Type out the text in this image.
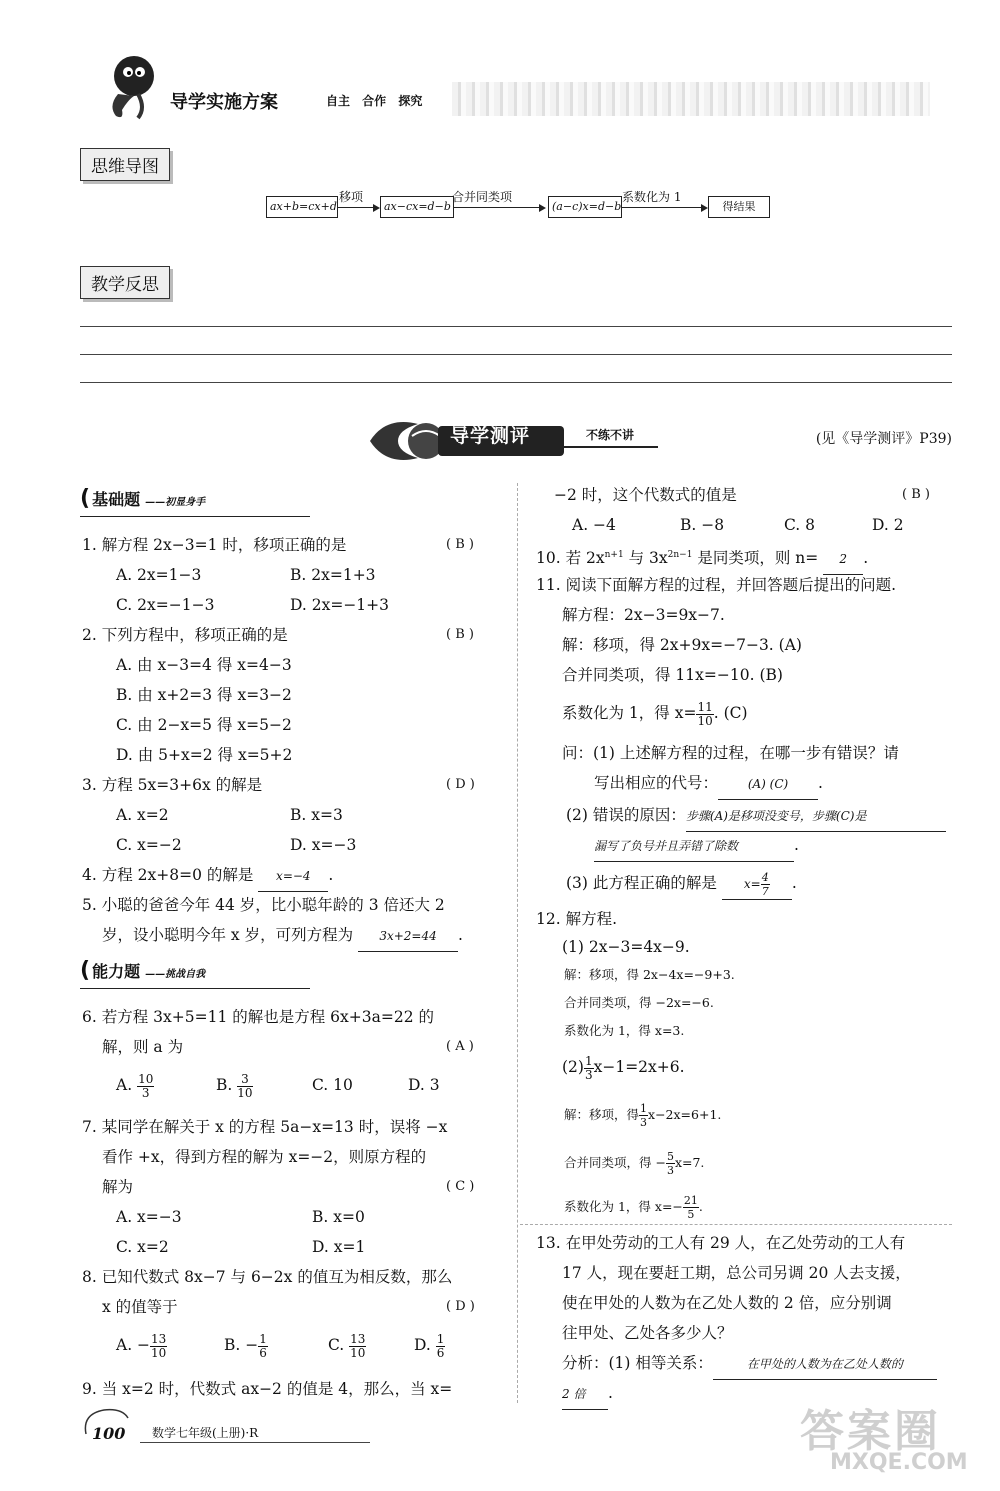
导学实施方案	自主 合作 探究
思维导图
ax+b=cx+d
移项
ax−cx=d−b
合并同类项
(a−c)x=d−b
系数化为 1
得结果
教学反思
导学测评	不练不讲	(见《导学测评》P39)
( 基础题 ——初显身手
1. 解方程 2x−3=1 时，移项正确的是	( B )
A. 2x=1−3	B. 2x=1+3
C. 2x=−1−3	D. 2x=−1+3
2. 下列方程中，移项正确的是	( B )
A. 由 x−3=4 得 x=4−3
B. 由 x+2=3 得 x=3−2
C. 由 2−x=5 得 x=5−2
D. 由 5+x=2 得 x=5+2
3. 方程 5x=3+6x 的解是	( D )
A. x=2	B. x=3
C. x=−2	D. x=−3
4. 方程 2x+8=0 的解是 x=−4 .
5. 小聪的爸爸今年 44 岁，比小聪年龄的 3 倍还大 2
岁，设小聪明今年 x 岁，可列方程为 3x+2=44 .
( 能力题 ——挑战自我
6. 若方程 3x+5=11 的解也是方程 6x+3a=22 的
解，则 a 为	( A )
A. $\frac{10}{3}$	B. $\frac{3}{10}$	C. 10	D. 3
7. 某同学在解关于 x 的方程 5a−x=13 时，误将 −x
看作 +x，得到方程的解为 x=−2，则原方程的
解为	( C )
A. x=−3	B. x=0
C. x=2	D. x=1
8. 已知代数式 8x−7 与 6−2x 的值互为相反数，那么
x 的值等于	( D )
A. − $\frac{13}{10}$	B. − $\frac{1}{6}$	C. $\frac{13}{10}$	D. $\frac{1}{6}$
9. 当 x=2 时，代数式 ax−2 的值是 4，那么，当 x=
−2 时，这个代数式的值是	( B )
A. −4	B. −8	C. 8	D. 2
10. 若 $2x^{n+1}$ 与 $3x^{2n-1}$ 是同类项，则 n= 2 .
11. 阅读下面解方程的过程，并回答题后提出的问题.
解方程：2x−3=9x−7.
解：移项，得 2x+9x=−7−3. (A)
合并同类项，得 11x=−10. (B)
系数化为 1，得 $x= \frac{11}{10}$ . (C)
问：(1) 上述解方程的过程，在哪一步有错误？请
写出相应的代号： (A) (C) .
(2) 错误的原因：步骤(A)是移项没变号，步骤(C)是
漏写了负号并且弄错了除数	.
(3) 此方程正确的解是 $x= \frac{4}{7}$ .
12. 解方程.
(1) 2x−3=4x−9.
解：移项，得 2x−4x=−9+3.
合并同类项，得 −2x=−6.
系数化为 1，得 x=3.
$(2) \frac{1}{3} x-1=2x+6$.
解：移项，得 $\frac{1}{3} x-2x=6+1$.
合并同类项，得 − $\frac{5}{3} x=7$.
系数化为 1，得 $x=- \frac{21}{5}$ .
13. 在甲处劳动的工人有 29 人，在乙处劳动的工人有
17 人，现在要赶工期，总公司另调 20 人去支援，
使在甲处的人数为在乙处人数的 2 倍，应分别调
往甲处、乙处各多少人？
分析：(1) 相等关系：	在甲处的人数为在乙处人数的
2 倍 .
100 数学七年级(上册)·R	答案圈
MXQE.COM
